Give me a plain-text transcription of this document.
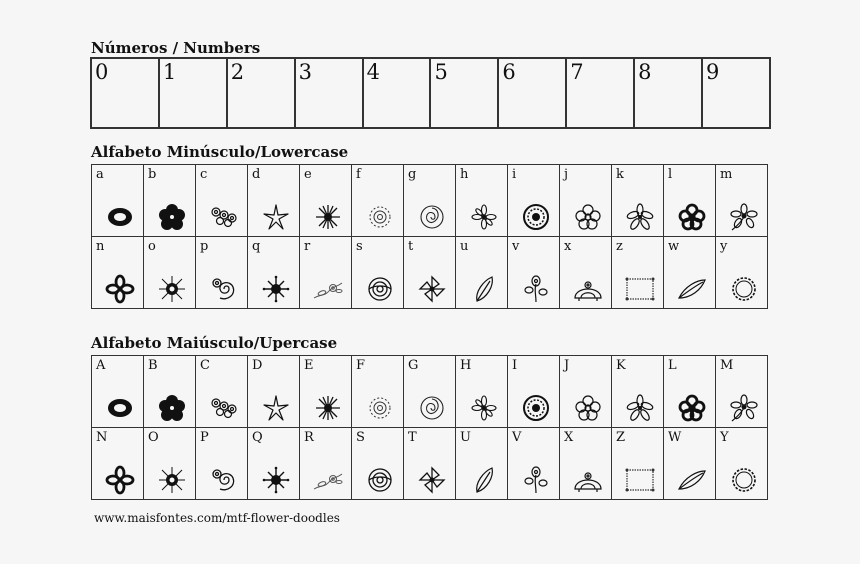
Números / Numbers
0	1	2	3	4	5	6	7	8	9
Alfabeto Minúsculo/Lowercase
a	b	c	d	e	f	g	h	i	j	k	l	m

n	o	p	q	r	s	t	u	v	x	z	w	y
Alfabeto Maiúsculo/Upercase
A	B	C	D	E	F	G	H	I	J	K	L	M

N	O	P	Q	R	S	T	U	V	X	Z	W	Y
www.maisfontes.com/mtf-flower-doodles
